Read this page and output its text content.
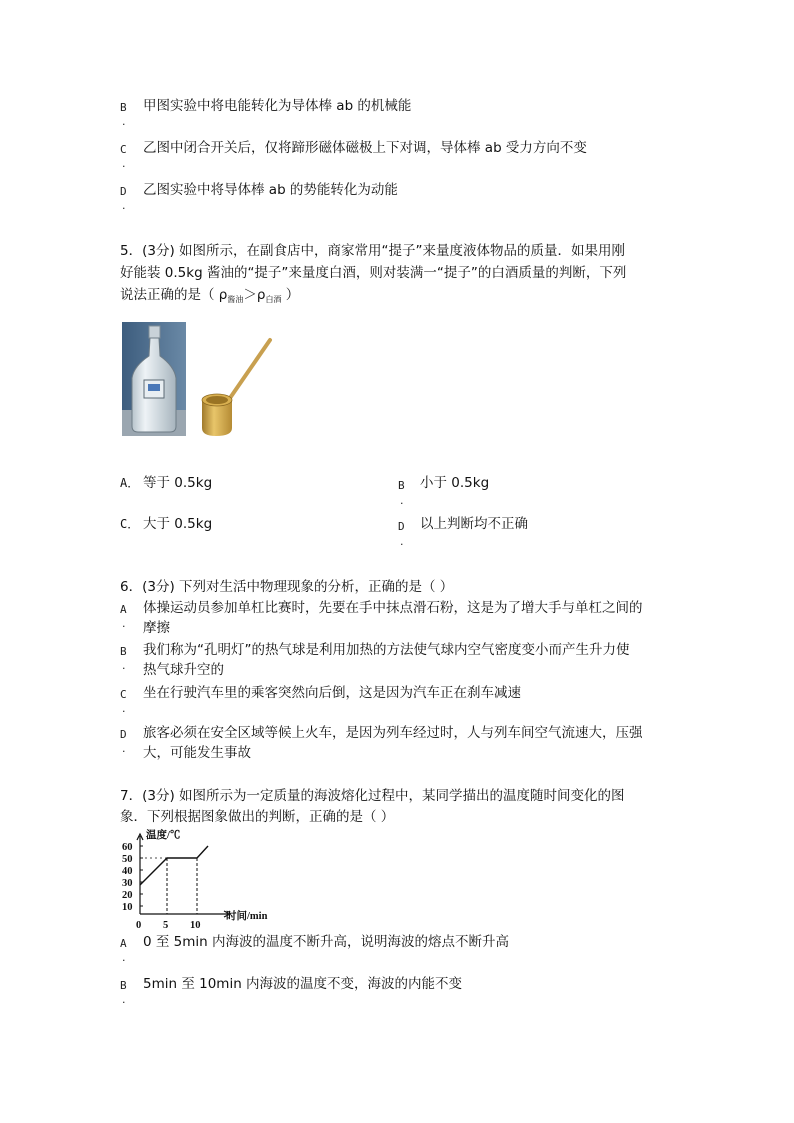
B
·
甲图实验中将电能转化为导体棒 ab 的机械能
C
·
乙图中闭合开关后，仅将蹄形磁体磁极上下对调，导体棒 ab 受力方向不变
D
·
乙图实验中将导体棒 ab 的势能转化为动能
5．(3分) 如图所示，在副食店中，商家常用“提子”来量度液体物品的质量．如果用刚
好能装 0.5kg 酱油的“提子”来量度白酒，则对装满一“提子”的白酒质量的判断，下列
说法正确的是（ $\rho_{酱油}>\rho_{白酒}$ ）
A． 等于 0.5kg	B
·
小于 0.5kg
C． 大于 0.5kg	D
·
以上判断均不正确
6．(3分) 下列对生活中物理现象的分析，正确的是（ ）
A
·
体操运动员参加单杠比赛时，先要在手中抹点滑石粉，这是为了增大手与单杠之间的
摩擦
B
·
我们称为“孔明灯”的热气球是利用加热的方法使气球内空气密度变小而产生升力使
热气球升空的
C
·
坐在行驶汽车里的乘客突然向后倒，这是因为汽车正在刹车减速
D
·
旅客必须在安全区域等候上火车，是因为列车经过时，人与列车间空气流速大，压强
大，可能发生事故
7．(3分) 如图所示为一定质量的海波熔化过程中，某同学描出的温度随时间变化的图
象．下列根据图象做出的判断，正确的是（ ）
温度/℃
时间/min
60
50
40
30
20
10
0 5 10
A
·
0 至 5min 内海波的温度不断升高，说明海波的熔点不断升高
B
·
5min 至 10min 内海波的温度不变，海波的内能不变
